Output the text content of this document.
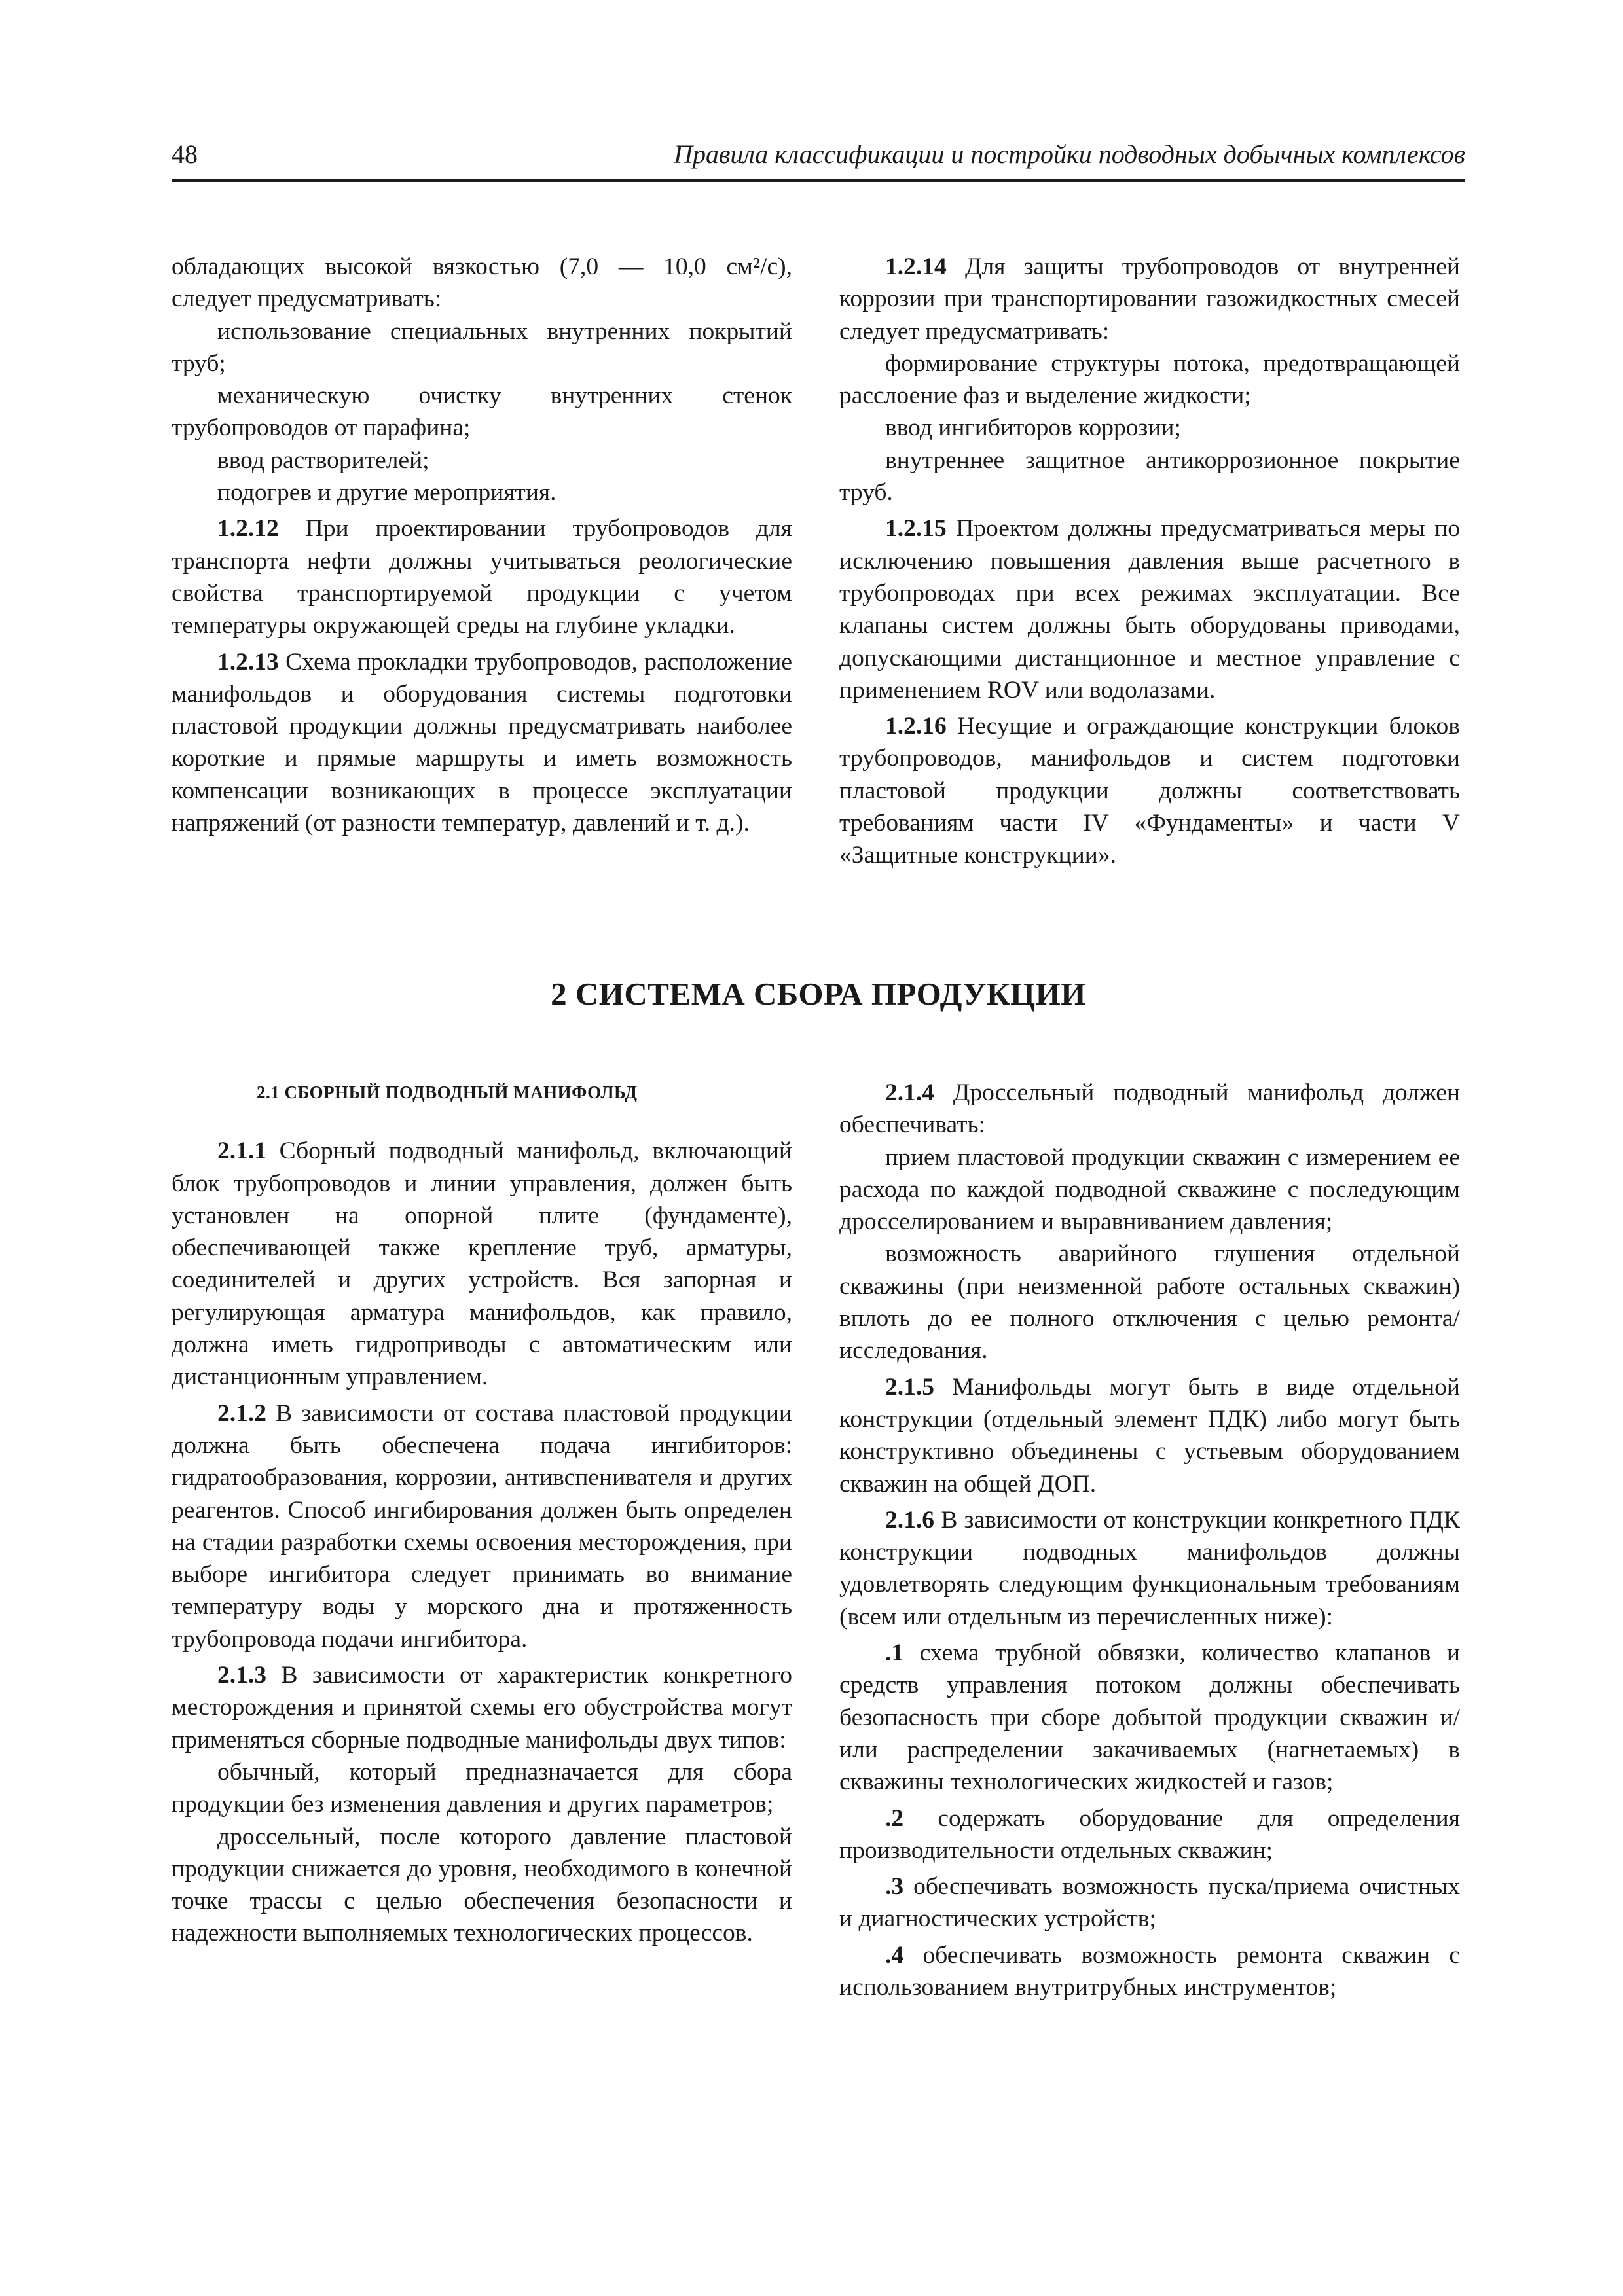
48	Правила классификации и постройки подводных добычных комплексов

обладающих высокой вязкостью (7,0 — 10,0 см²/с), следует предусматривать:

использование специальных внутренних покрытий труб;

механическую очистку внутренних стенок трубопроводов от парафина;

ввод растворителей;

подогрев и другие мероприятия.

1.2.12 При проектировании трубопроводов для транспорта нефти должны учитываться реологические свойства транспортируемой продукции с учетом температуры окружающей среды на глубине укладки.

1.2.13 Схема прокладки трубопроводов, расположение манифольдов и оборудования системы подготовки пластовой продукции должны предусматривать наиболее короткие и прямые маршруты и иметь возможность компенсации возникающих в процессе эксплуатации напряжений (от разности температур, давлений и т. д.).

1.2.14 Для защиты трубопроводов от внутренней коррозии при транспортировании газожидкостных смесей следует предусматривать:

формирование структуры потока, предотвращающей расслоение фаз и выделение жидкости;

ввод ингибиторов коррозии;

внутреннее защитное антикоррозионное покрытие труб.

1.2.15 Проектом должны предусматриваться меры по исключению повышения давления выше расчетного в трубопроводах при всех режимах эксплуатации. Все клапаны систем должны быть оборудованы приводами, допускающими дистанционное и местное управление с применением ROV или водолазами.

1.2.16 Несущие и ограждающие конструкции блоков трубопроводов, манифольдов и систем подготовки пластовой продукции должны соответствовать требованиям части IV «Фундаменты» и части V «Защитные конструкции».

2 СИСТЕМА СБОРА ПРОДУКЦИИ

2.1 СБОРНЫЙ ПОДВОДНЫЙ МАНИФОЛЬД

2.1.1 Сборный подводный манифольд, включающий блок трубопроводов и линии управления, должен быть установлен на опорной плите (фундаменте), обеспечивающей также крепление труб, арматуры, соединителей и других устройств. Вся запорная и регулирующая арматура манифольдов, как правило, должна иметь гидроприводы с автоматическим или дистанционным управлением.

2.1.2 В зависимости от состава пластовой продукции должна быть обеспечена подача ингибиторов: гидратообразования, коррозии, антивспенивателя и других реагентов. Способ ингибирования должен быть определен на стадии разработки схемы освоения месторождения, при выборе ингибитора следует принимать во внимание температуру воды у морского дна и протяженность трубопровода подачи ингибитора.

2.1.3 В зависимости от характеристик конкретного месторождения и принятой схемы его обустройства могут применяться сборные подводные манифольды двух типов:

обычный, который предназначается для сбора продукции без изменения давления и других параметров;

дроссельный, после которого давление пластовой продукции снижается до уровня, необходимого в конечной точке трассы с целью обеспечения безопасности и надежности выполняемых технологических процессов.

2.1.4 Дроссельный подводный манифольд должен обеспечивать:

прием пластовой продукции скважин с измерением ее расхода по каждой подводной скважине с последующим дросселированием и выравниванием давления;

возможность аварийного глушения отдельной скважины (при неизменной работе остальных скважин) вплоть до ее полного отключения с целью ремонта/исследования.

2.1.5 Манифольды могут быть в виде отдельной конструкции (отдельный элемент ПДК) либо могут быть конструктивно объединены с устьевым оборудованием скважин на общей ДОП.

2.1.6 В зависимости от конструкции конкретного ПДК конструкции подводных манифольдов должны удовлетворять следующим функциональным требованиям (всем или отдельным из перечисленных ниже):

.1 схема трубной обвязки, количество клапанов и средств управления потоком должны обеспечивать безопасность при сборе добытой продукции скважин и/или распределении закачиваемых (нагнетаемых) в скважины технологических жидкостей и газов;

.2 содержать оборудование для определения производительности отдельных скважин;

.3 обеспечивать возможность пуска/приема очистных и диагностических устройств;

.4 обеспечивать возможность ремонта скважин с использованием внутритрубных инструментов;
